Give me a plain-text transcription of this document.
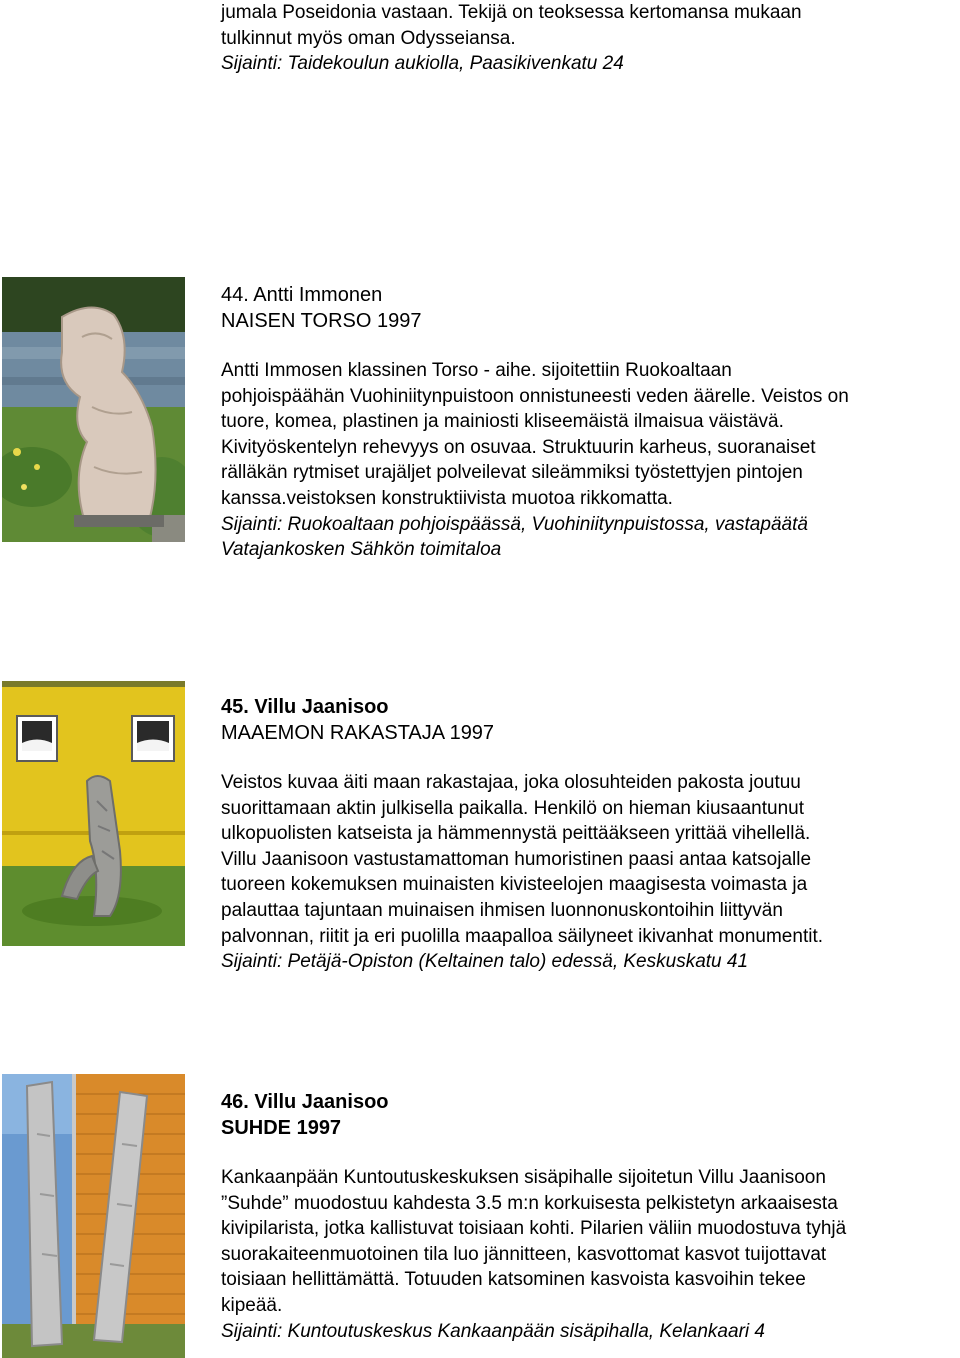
jumala Poseidonia vastaan. Tekijä on teoksessa kertomansa mukaan
tulkinnut myös oman Odysseiansa.
Sijainti: Taidekoulun aukiolla, Paasikivenkatu 24
44. Antti Immonen
NAISEN TORSO 1997
Antti Immosen klassinen Torso - aihe. sijoitettiin Ruokoaltaan
pohjoispäähän Vuohiniitynpuistoon onnistuneesti veden äärelle. Veistos on
tuore, komea, plastinen ja mainiosti kliseemäistä ilmaisua väistävä.
Kivityöskentelyn rehevyys on osuvaa. Struktuurin karheus, suoranaiset
rälläkän rytmiset urajäljet polveilevat sileämmiksi työstettyjen pintojen
kanssa.veistoksen konstruktiivista muotoa rikkomatta.
Sijainti: Ruokoaltaan pohjoispäässä, Vuohiniitynpuistossa, vastapäätä
Vatajankosken Sähkön toimitaloa
45. Villu Jaanisoo
MAAEMON RAKASTAJA 1997
Veistos kuvaa äiti maan rakastajaa, joka olosuhteiden pakosta joutuu
suorittamaan aktin julkisella paikalla. Henkilö on hieman kiusaantunut
ulkopuolisten katseista ja hämmennystä peittääkseen yrittää vihellellä.
Villu Jaanisoon vastustamattoman humoristinen paasi antaa katsojalle
tuoreen kokemuksen muinaisten kivisteelojen maagisesta voimasta ja
palauttaa tajuntaan muinaisen ihmisen luonnonuskontoihin liittyvän
palvonnan, riitit ja eri puolilla maapalloa säilyneet ikivanhat monumentit.
Sijainti: Petäjä-Opiston (Keltainen talo) edessä, Keskuskatu 41
46. Villu Jaanisoo
SUHDE 1997
Kankaanpään Kuntoutuskeskuksen sisäpihalle sijoitetun Villu Jaanisoon
”Suhde” muodostuu kahdesta 3.5 m:n korkuisesta pelkistetyn arkaaisesta
kivipilarista, jotka kallistuvat toisiaan kohti. Pilarien väliin muodostuva tyhjä
suorakaiteenmuotoinen tila luo jännitteen, kasvottomat kasvot tuijottavat
toisiaan hellittämättä. Totuuden katsominen kasvoista kasvoihin tekee
kipeää.
Sijainti: Kuntoutuskeskus Kankaanpään sisäpihalla, Kelankaari 4
